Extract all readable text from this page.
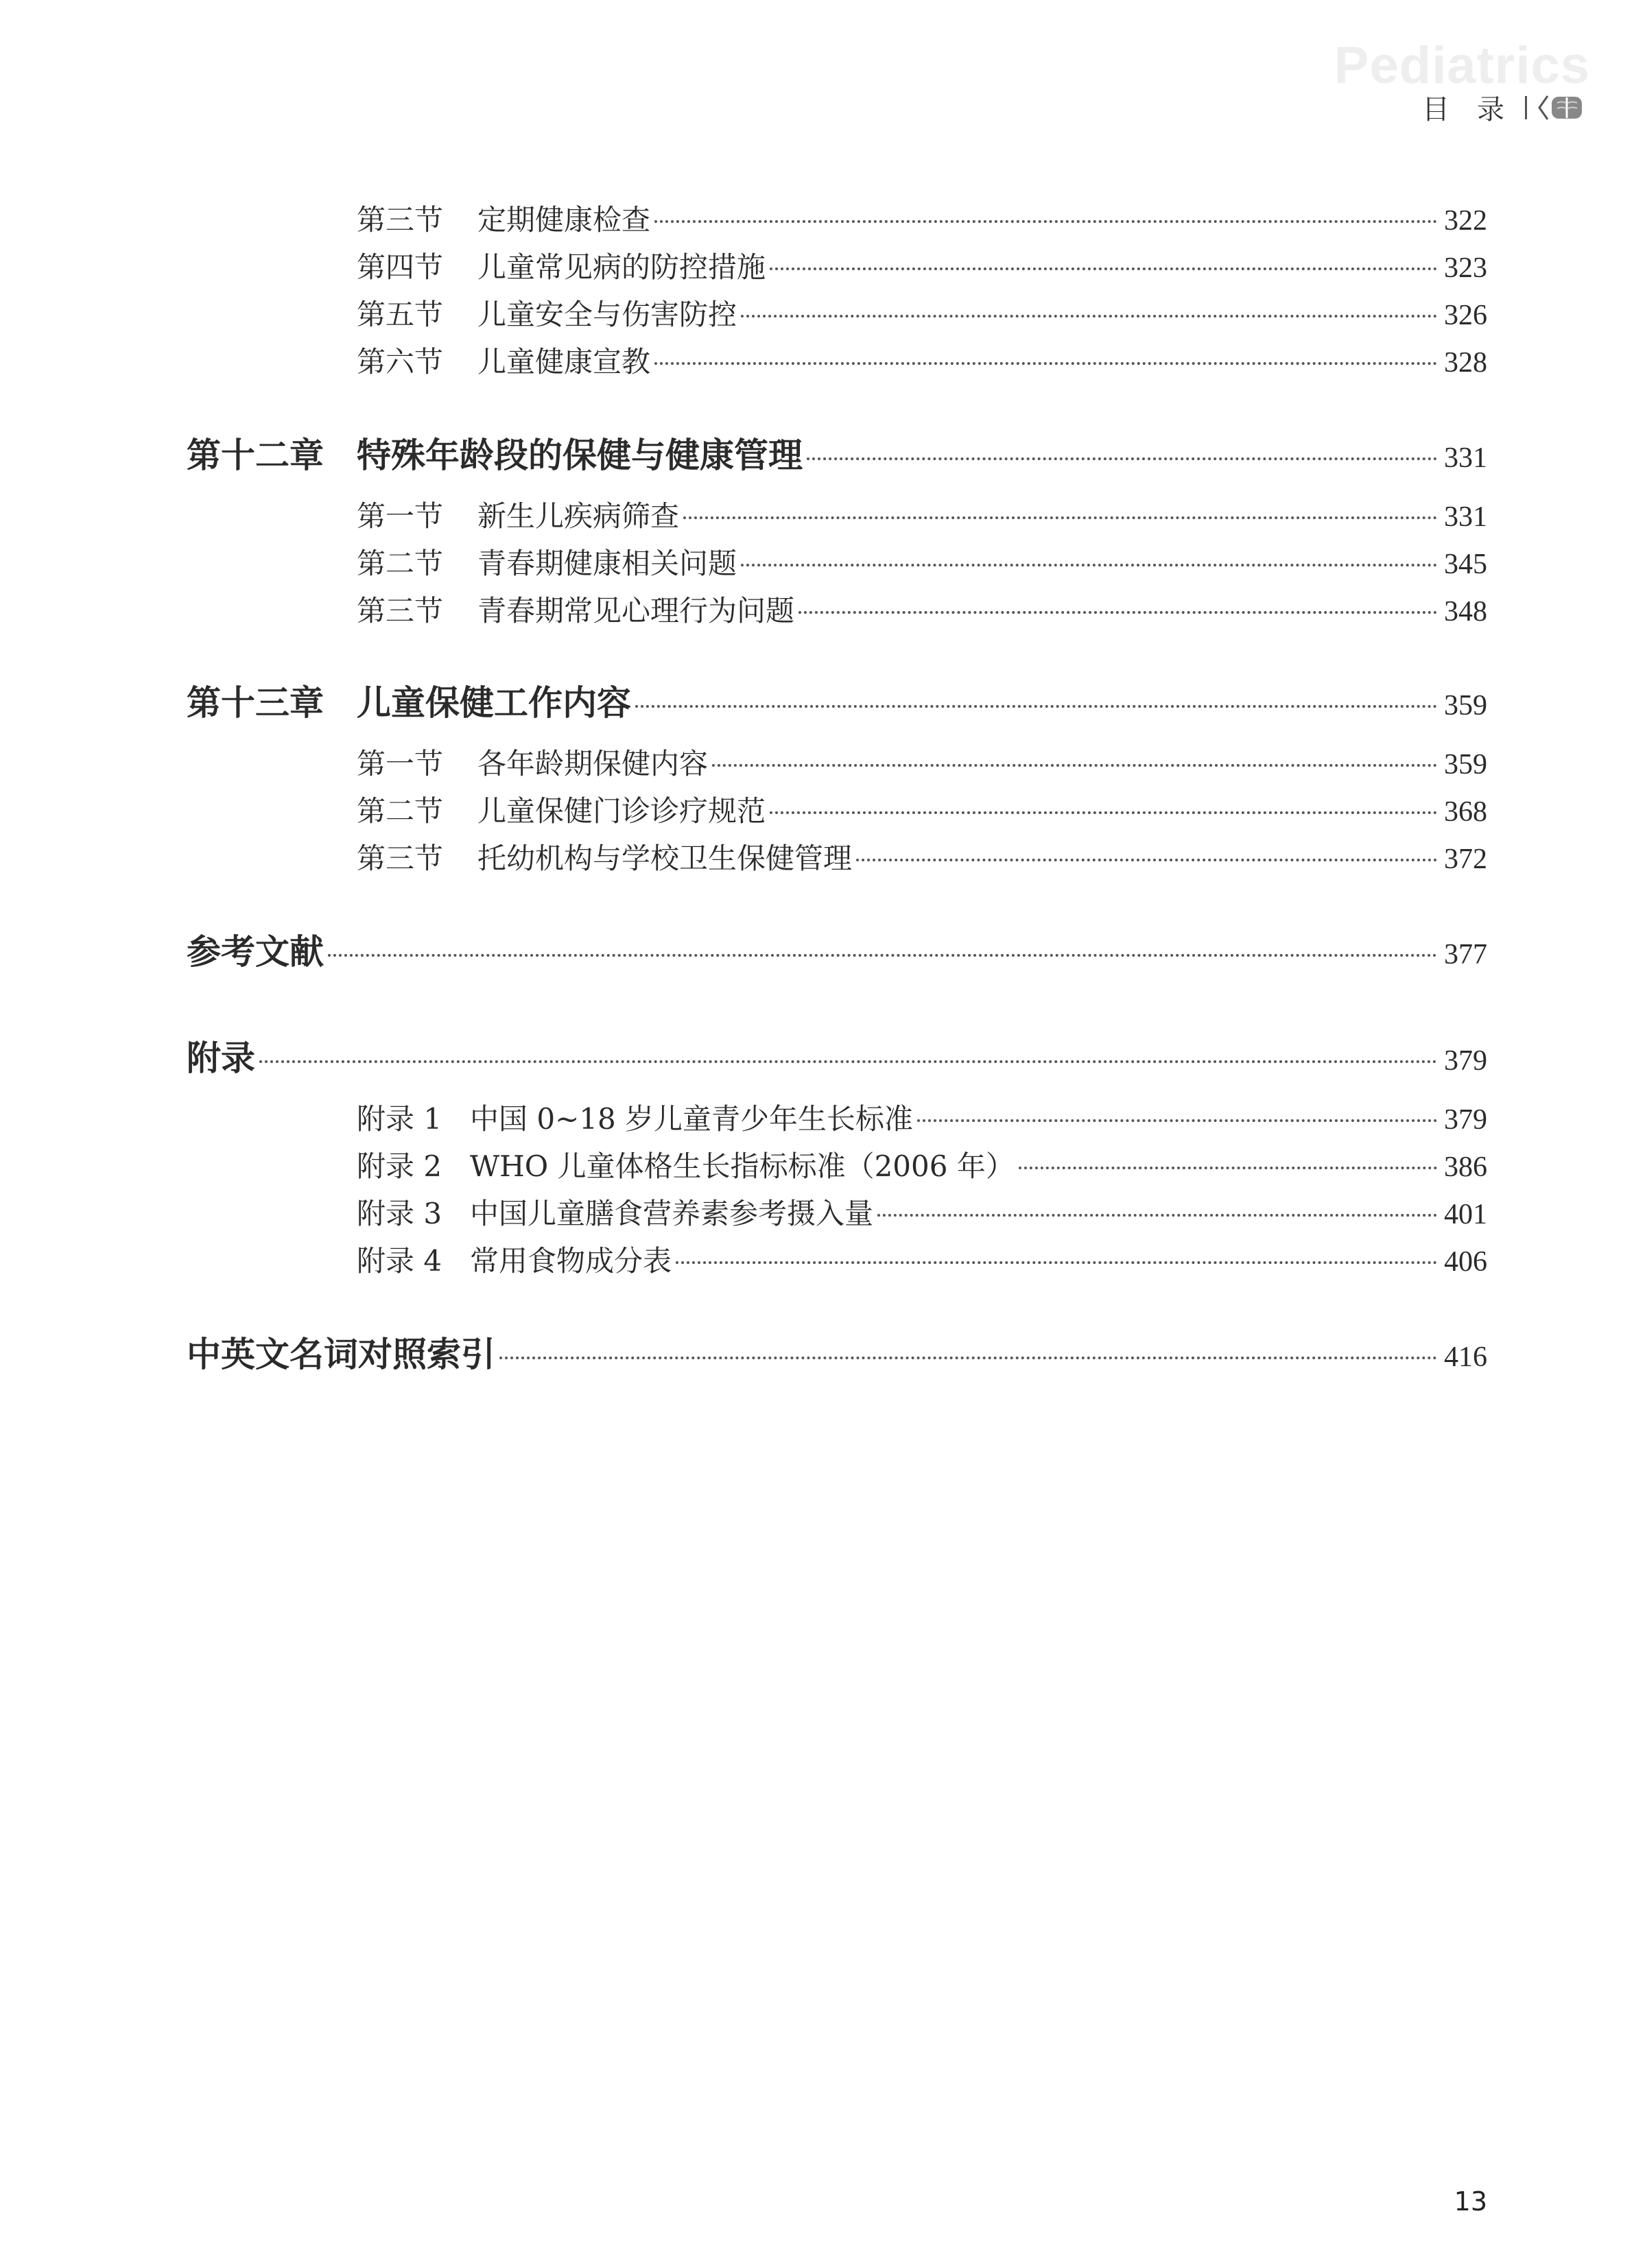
Pediatrics
目　录
第三节 定期健康检查	322
第四节 儿童常见病的防控措施	323
第五节 儿童安全与伤害防控	326
第六节 儿童健康宣教	328
第十二章 特殊年龄段的保健与健康管理	331
第一节 新生儿疾病筛查	331
第二节 青春期健康相关问题	345
第三节 青春期常见心理行为问题	348
第十三章 儿童保健工作内容	359
第一节 各年龄期保健内容	359
第二节 儿童保健门诊诊疗规范	368
第三节 托幼机构与学校卫生保健管理	372
参考文献	377
附录	379
附录 1 中国 0~18 岁儿童青少年生长标准	379
附录 2 WHO 儿童体格生长指标标准（2006 年）	386
附录 3 中国儿童膳食营养素参考摄入量	401
附录 4 常用食物成分表	406
中英文名词对照索引	416
13
